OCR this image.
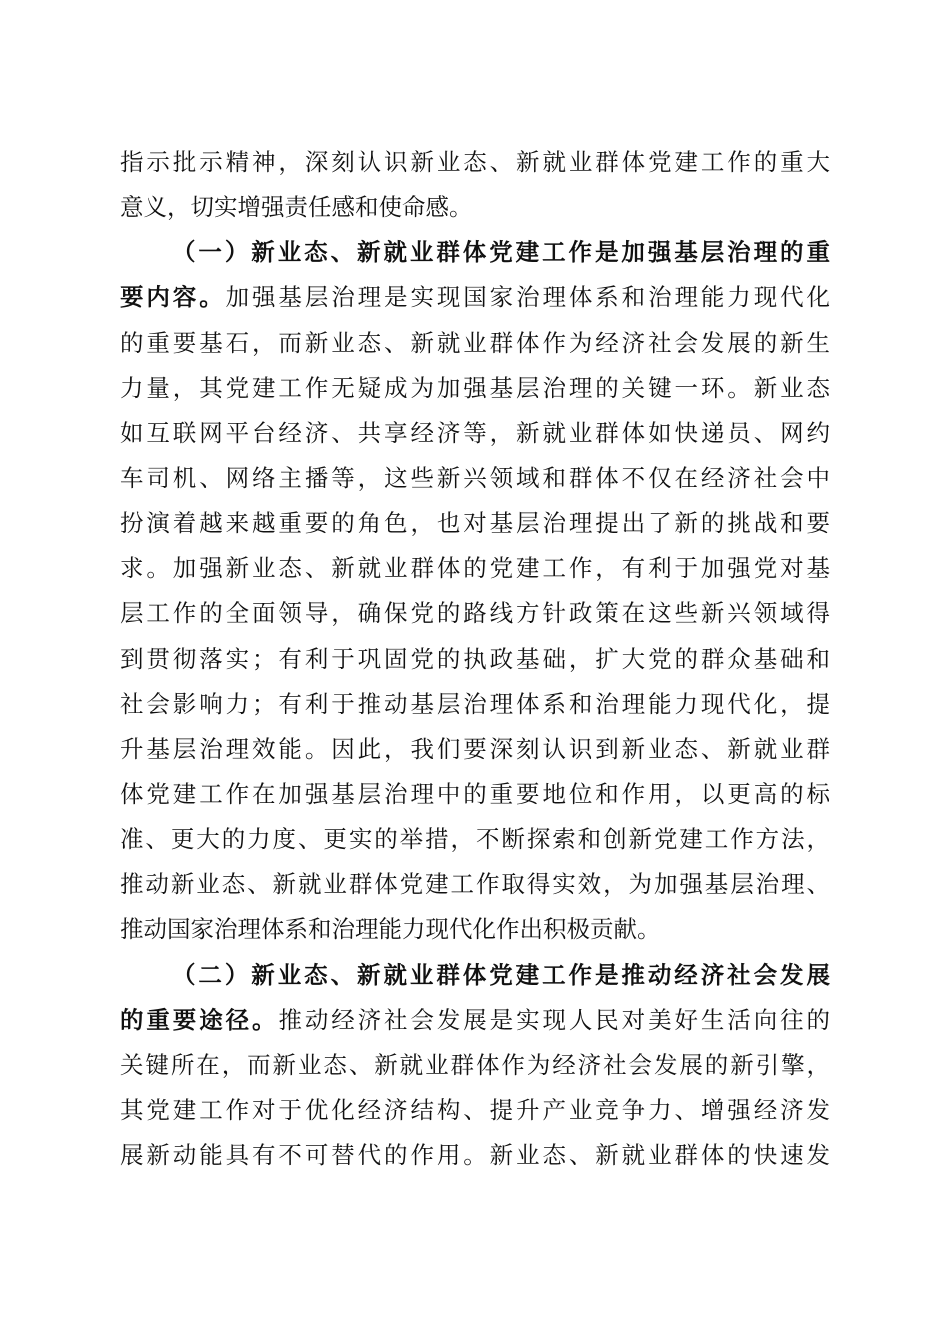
指示批示精神，深刻认识新业态、新就业群体党建工作的重大
意义，切实增强责任感和使命感。
（一）新业态、新就业群体党建工作是加强基层治理的重
要内容。加强基层治理是实现国家治理体系和治理能力现代化
的重要基石，而新业态、新就业群体作为经济社会发展的新生
力量，其党建工作无疑成为加强基层治理的关键一环。新业态
如互联网平台经济、共享经济等，新就业群体如快递员、网约
车司机、网络主播等，这些新兴领域和群体不仅在经济社会中
扮演着越来越重要的角色，也对基层治理提出了新的挑战和要
求。加强新业态、新就业群体的党建工作，有利于加强党对基
层工作的全面领导，确保党的路线方针政策在这些新兴领域得
到贯彻落实；有利于巩固党的执政基础，扩大党的群众基础和
社会影响力；有利于推动基层治理体系和治理能力现代化，提
升基层治理效能。因此，我们要深刻认识到新业态、新就业群
体党建工作在加强基层治理中的重要地位和作用，以更高的标
准、更大的力度、更实的举措，不断探索和创新党建工作方法，
推动新业态、新就业群体党建工作取得实效，为加强基层治理、
推动国家治理体系和治理能力现代化作出积极贡献。
（二）新业态、新就业群体党建工作是推动经济社会发展
的重要途径。推动经济社会发展是实现人民对美好生活向往的
关键所在，而新业态、新就业群体作为经济社会发展的新引擎，
其党建工作对于优化经济结构、提升产业竞争力、增强经济发
展新动能具有不可替代的作用。新业态、新就业群体的快速发
